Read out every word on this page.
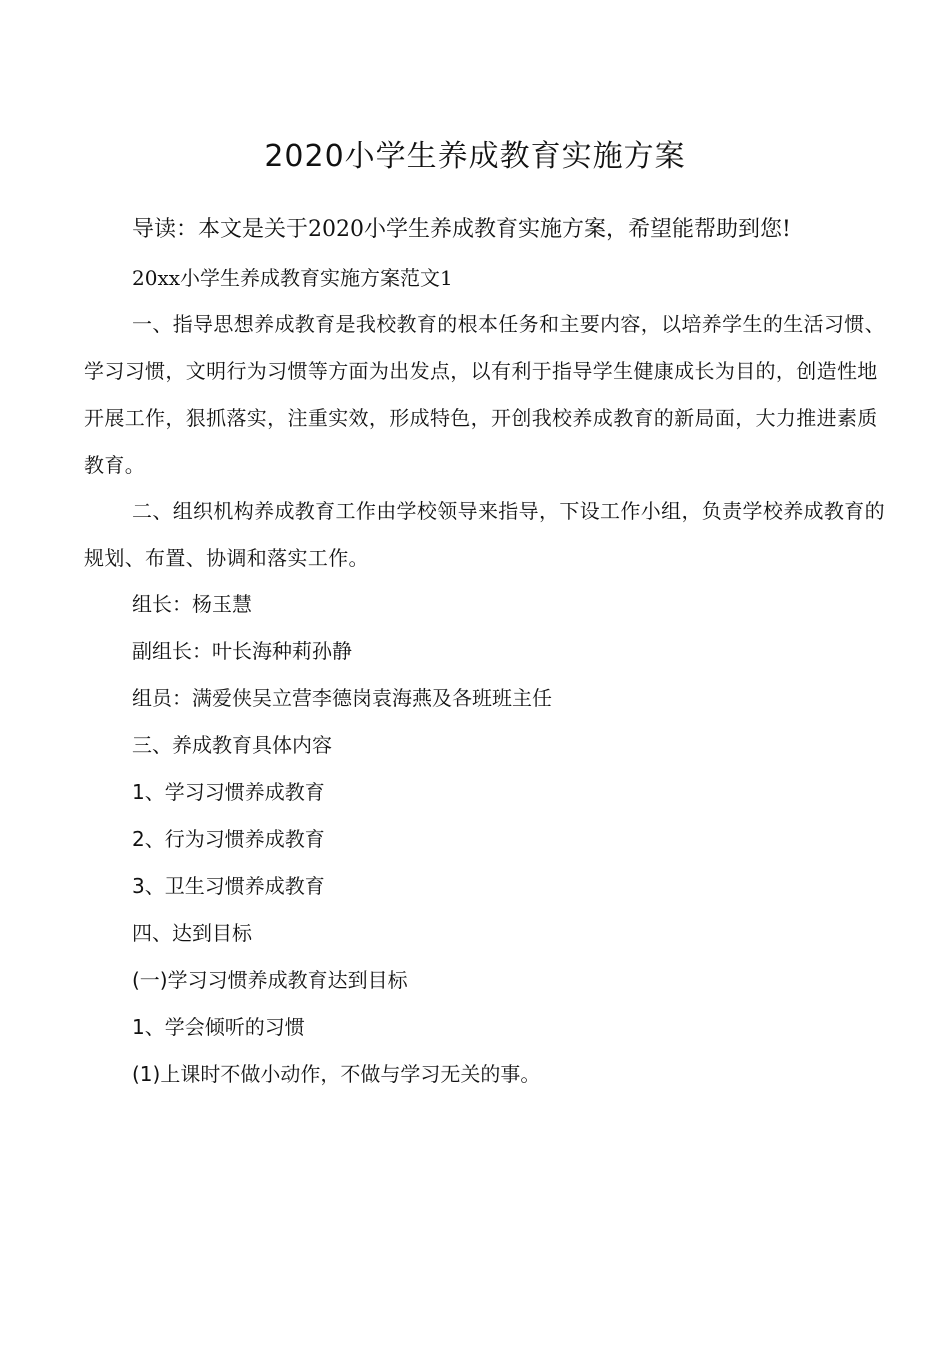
2020小学生养成教育实施方案

导读：本文是关于2020小学生养成教育实施方案，希望能帮助到您!

20xx小学生养成教育实施方案范文1

一、指导思想养成教育是我校教育的根本任务和主要内容，以培养学生的生活习惯、学习习惯，文明行为习惯等方面为出发点，以有利于指导学生健康成长为目的，创造性地开展工作，狠抓落实，注重实效，形成特色，开创我校养成教育的新局面，大力推进素质教育。
二、组织机构养成教育工作由学校领导来指导，下设工作小组，负责学校养成教育的规划、布置、协调和落实工作。

组长：杨玉慧

副组长：叶长海种莉孙静

组员：满爱侠吴立营李德岗袁海燕及各班班主任

三、养成教育具体内容

1、学习习惯养成教育

2、行为习惯养成教育

3、卫生习惯养成教育

四、达到目标

(一)学习习惯养成教育达到目标

1、学会倾听的习惯

(1)上课时不做小动作，不做与学习无关的事。
